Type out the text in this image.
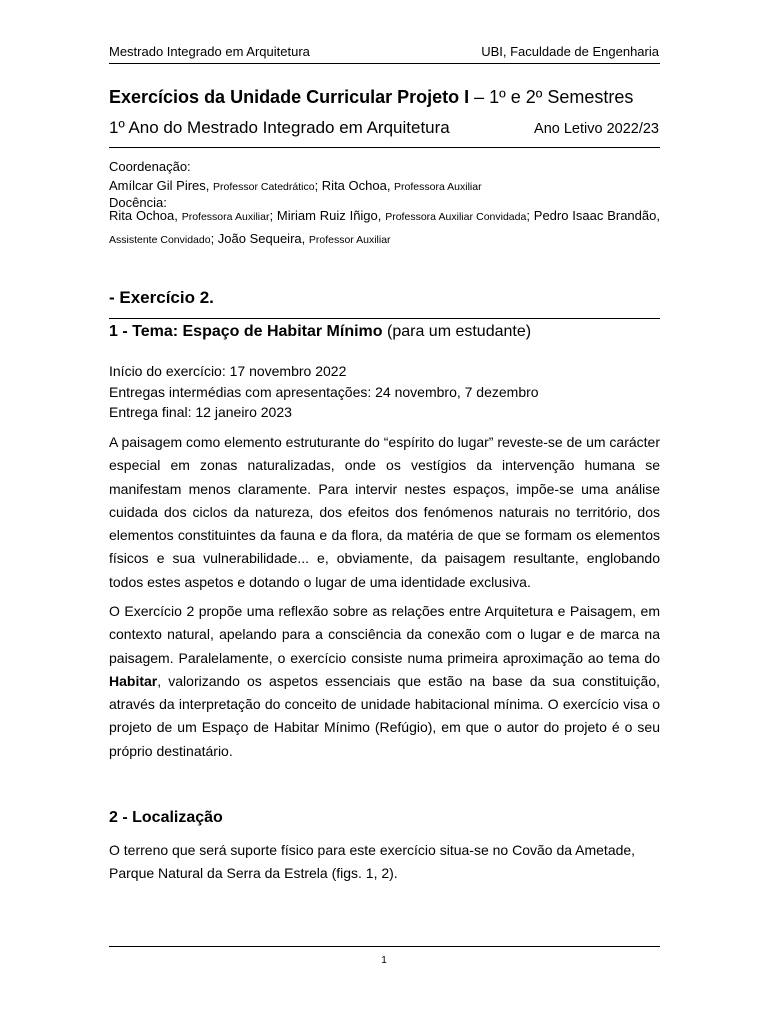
Mestrado Integrado em Arquitetura	UBI, Faculdade de Engenharia
Exercícios da Unidade Curricular Projeto I – 1º e 2º Semestres
1º Ano do Mestrado Integrado em Arquitetura	Ano Letivo 2022/23
Coordenação:
Amílcar Gil Pires, Professor Catedrático; Rita Ochoa, Professora Auxiliar
Docência:
Rita Ochoa, Professora Auxiliar; Miriam Ruiz Iñigo, Professora Auxiliar Convidada; Pedro Isaac Brandão, Assistente Convidado; João Sequeira, Professor Auxiliar
- Exercício 2.
1 - Tema: Espaço de Habitar Mínimo (para um estudante)
Início do exercício: 17 novembro 2022
Entregas intermédias com apresentações: 24 novembro, 7 dezembro
Entrega final: 12 janeiro 2023
A paisagem como elemento estruturante do “espírito do lugar” reveste-se de um carácter especial em zonas naturalizadas, onde os vestígios da intervenção humana se manifestam menos claramente. Para intervir nestes espaços, impõe-se uma análise cuidada dos ciclos da natureza, dos efeitos dos fenómenos naturais no território, dos elementos constituintes da fauna e da flora, da matéria de que se formam os elementos físicos e sua vulnerabilidade... e, obviamente, da paisagem resultante, englobando todos estes aspetos e dotando o lugar de uma identidade exclusiva.
O Exercício 2 propõe uma reflexão sobre as relações entre Arquitetura e Paisagem, em contexto natural, apelando para a consciência da conexão com o lugar e de marca na paisagem. Paralelamente, o exercício consiste numa primeira aproximação ao tema do Habitar, valorizando os aspetos essenciais que estão na base da sua constituição, através da interpretação do conceito de unidade habitacional mínima. O exercício visa o projeto de um Espaço de Habitar Mínimo (Refúgio), em que o autor do projeto é o seu próprio destinatário.
2 - Localização
O terreno que será suporte físico para este exercício situa-se no Covão da Ametade,
Parque Natural da Serra da Estrela (figs. 1, 2).
1
